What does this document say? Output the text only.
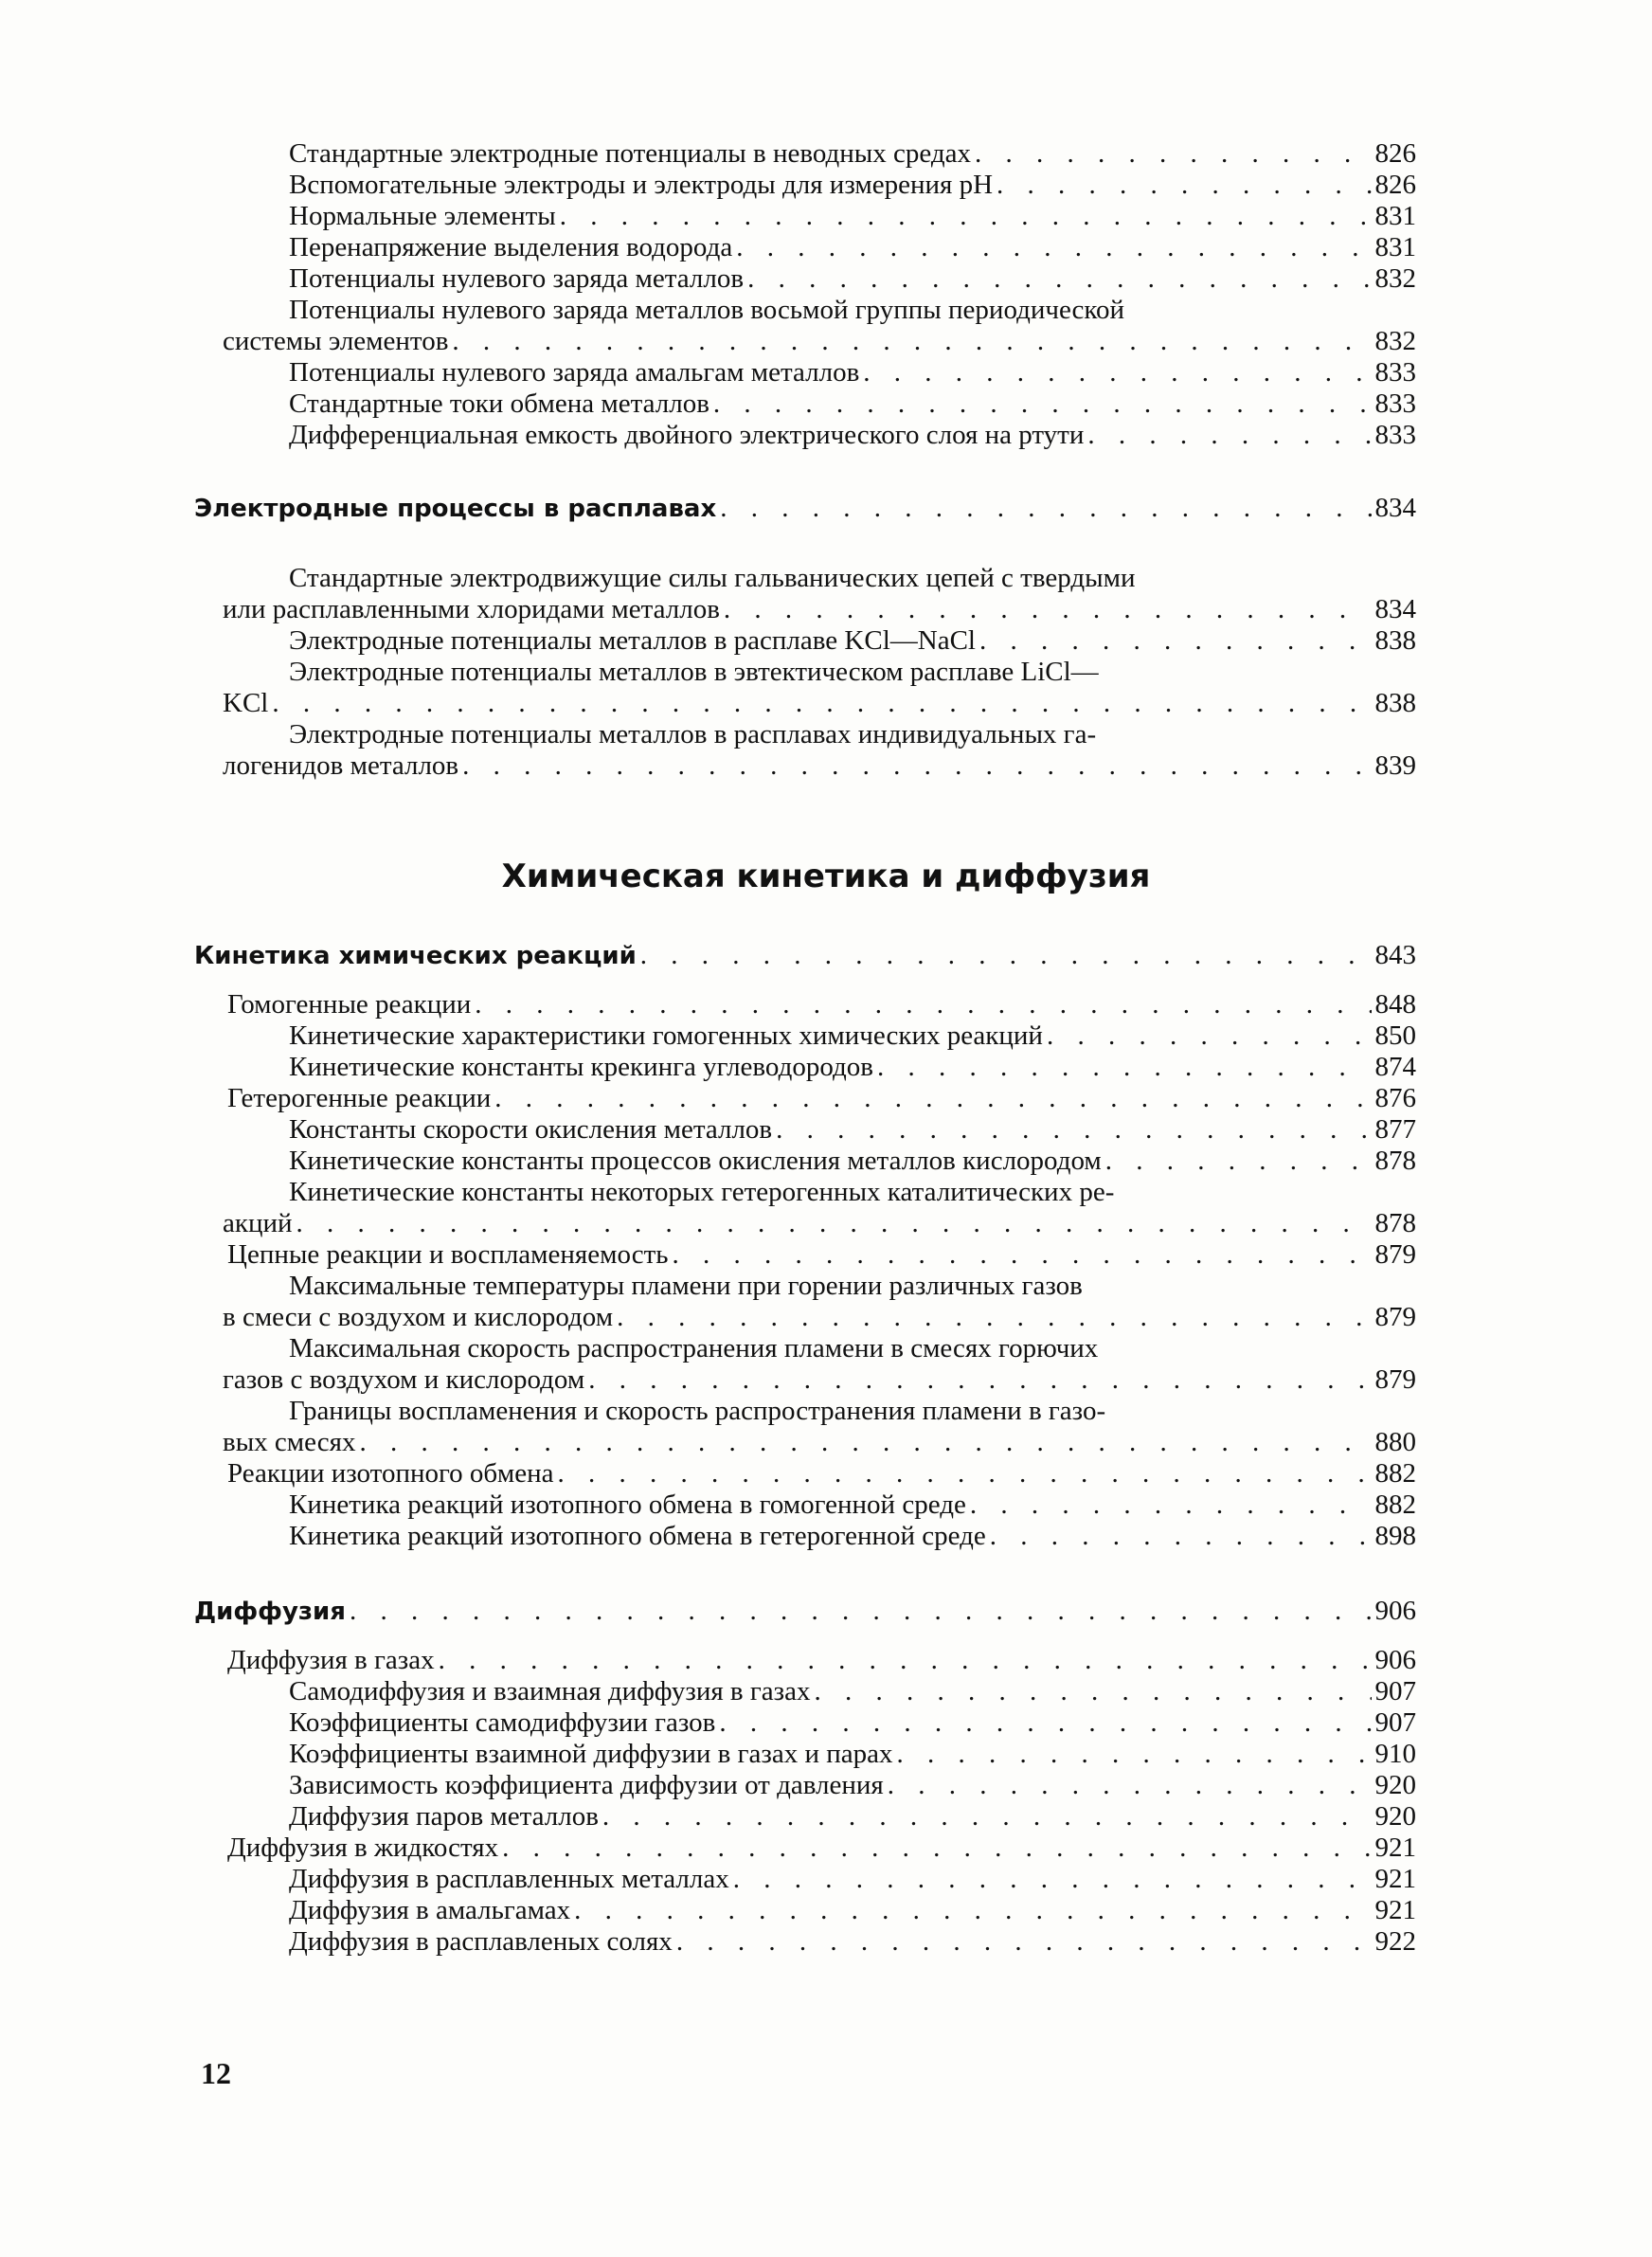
Стандартные электродные потенциалы в неводных средах . . .	826
Вспомогательные электроды и электроды для измерения pH . . .	826
Нормальные элементы . . .	831
Перенапряжение выделения водорода . . .	831
Потенциалы нулевого заряда металлов . . .	832
Потенциалы нулевого заряда металлов восьмой группы периодической
системы элементов . . .	832
Потенциалы нулевого заряда амальгам металлов . . .	833
Стандартные токи обмена металлов . . .	833
Дифференциальная емкость двойного электрического слоя на ртути . . .	833
Электродные процессы в расплавах . . .	834
Стандартные электродвижущие силы гальванических цепей с твердыми
или расплавленными хлоридами металлов . . .	834
Электродные потенциалы металлов в расплаве KCl—NaCl . . .	838
Электродные потенциалы металлов в эвтектическом расплаве LiCl—
KCl . . .	838
Электродные потенциалы металлов в расплавах индивидуальных га-
логенидов металлов . . .	839
Химическая кинетика и диффузия
Кинетика химических реакций . . .	843
Гомогенные реакции . . .	848
Кинетические характеристики гомогенных химических реакций . . .	850
Кинетические константы крекинга углеводородов . . .	874
Гетерогенные реакции . . .	876
Константы скорости окисления металлов . . .	877
Кинетические константы процессов окисления металлов кислородом . . .	878
Кинетические константы некоторых гетерогенных каталитических ре-
акций . . .	878
Цепные реакции и воспламеняемость . . .	879
Максимальные температуры пламени при горении различных газов
в смеси с воздухом и кислородом . . .	879
Максимальная скорость распространения пламени в смесях горючих
газов с воздухом и кислородом . . .	879
Границы воспламенения и скорость распространения пламени в газо-
вых смесях . . .	880
Реакции изотопного обмена . . .	882
Кинетика реакций изотопного обмена в гомогенной среде . . .	882
Кинетика реакций изотопного обмена в гетерогенной среде . . .	898
Диффузия . . .	906
Диффузия в газах . . .	906
Самодиффузия и взаимная диффузия в газах . . .	907
Коэффициенты самодиффузии газов . . .	907
Коэффициенты взаимной диффузии в газах и парах . . .	910
Зависимость коэффициента диффузии от давления . . .	920
Диффузия паров металлов . . .	920
Диффузия в жидкостях . . .	921
Диффузия в расплавленных металлах . . .	921
Диффузия в амальгамах . . .	921
Диффузия в расплавленых солях . . .	922
12
